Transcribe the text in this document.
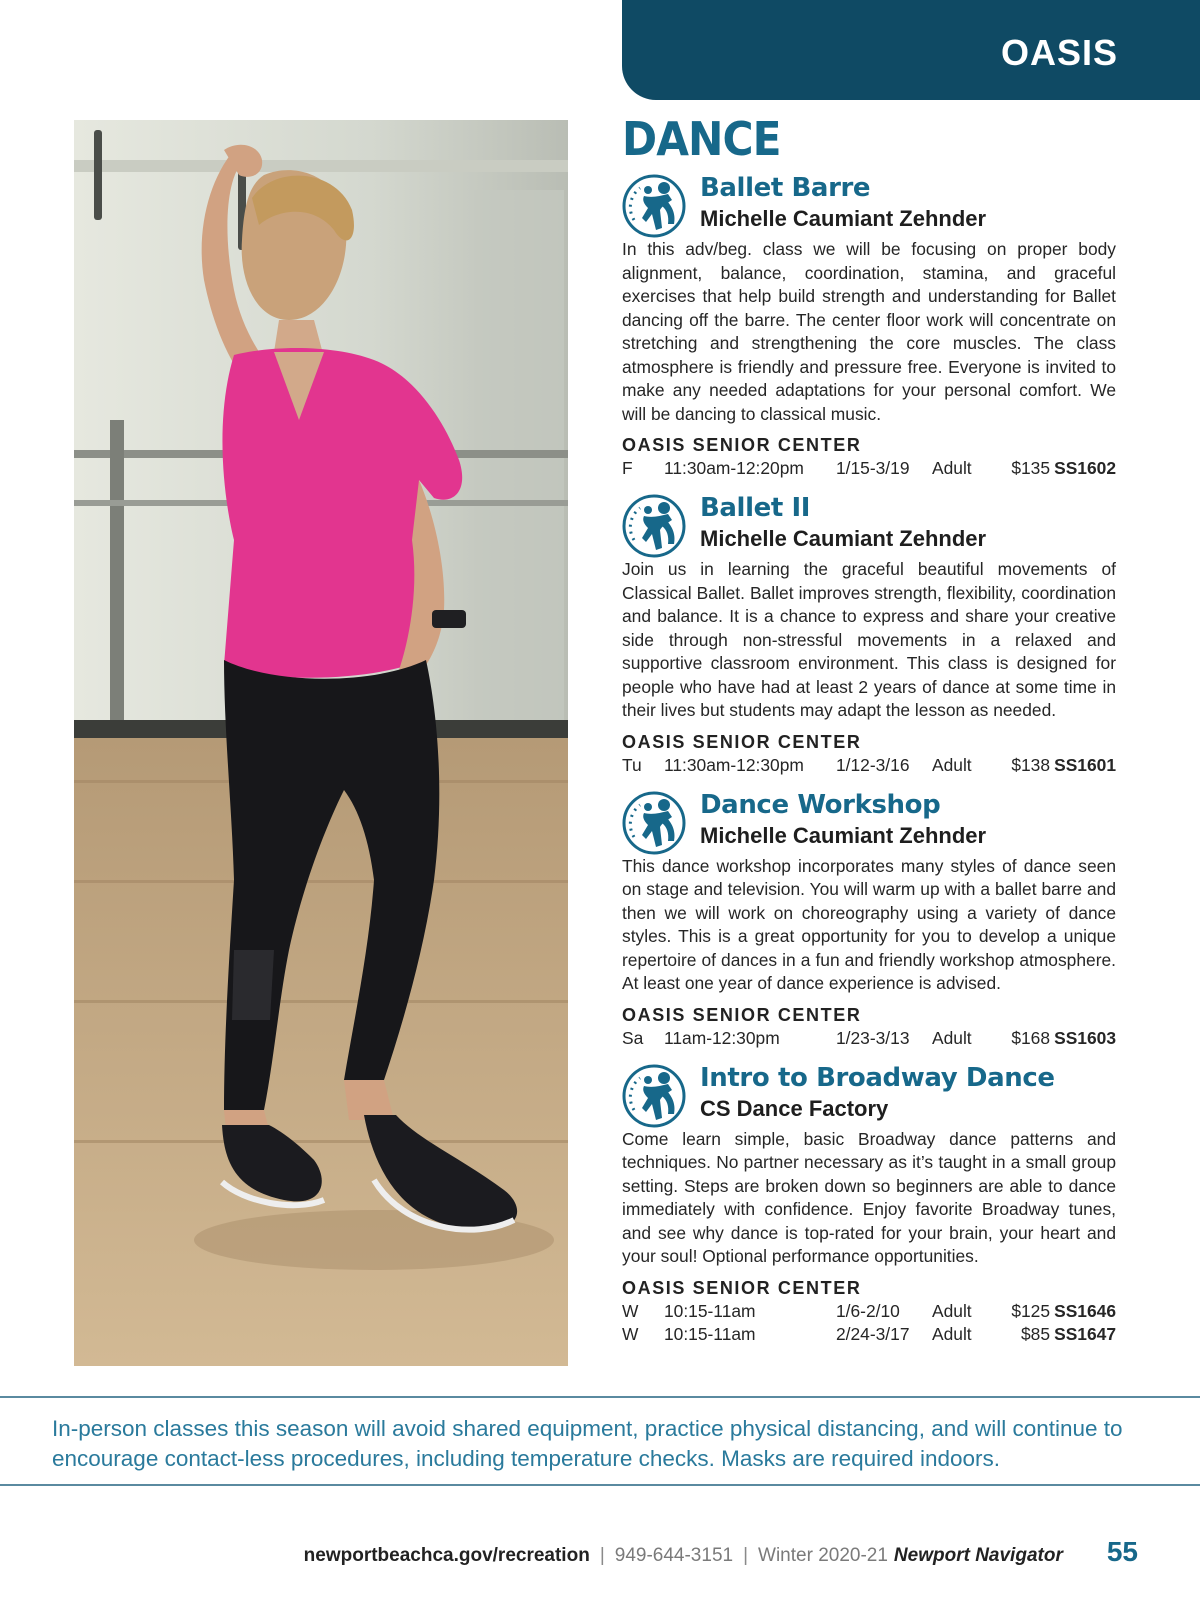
OASIS
DANCE
Ballet Barre
Michelle Caumiant Zehnder

In this adv/beg. class we will be focusing on proper body alignment, balance, coordination, stamina, and graceful exercises that help build strength and understanding for Ballet dancing off the barre. The center floor work will concentrate on stretching and strengthening the core muscles. The class atmosphere is friendly and pressure free. Everyone is invited to make any needed adaptations for your personal comfort. We will be dancing to classical music.

OASIS SENIOR CENTER
F	11:30am-12:20pm	1/15-3/19	Adult	$135 SS1602
Ballet II
Michelle Caumiant Zehnder

Join us in learning the graceful beautiful movements of Classical Ballet. Ballet improves strength, flexibility, coordination and balance. It is a chance to express and share your creative side through non-stressful movements in a relaxed and supportive classroom environment. This class is designed for people who have had at least 2 years of dance at some time in their lives but students may adapt the lesson as needed.

OASIS SENIOR CENTER
Tu	11:30am-12:30pm	1/12-3/16	Adult	$138 SS1601
Dance Workshop
Michelle Caumiant Zehnder

This dance workshop incorporates many styles of dance seen on stage and television. You will warm up with a ballet barre and then we will work on choreography using a variety of dance styles. This is a great opportunity for you to develop a unique repertoire of dances in a fun and friendly workshop atmosphere. At least one year of dance experience is advised.

OASIS SENIOR CENTER
Sa	11am-12:30pm	1/23-3/13	Adult	$168 SS1603
Intro to Broadway Dance
CS Dance Factory

Come learn simple, basic Broadway dance patterns and techniques. No partner necessary as it’s taught in a small group setting. Steps are broken down so beginners are able to dance immediately with confidence. Enjoy favorite Broadway tunes, and see why dance is top-rated for your brain, your heart and your soul! Optional performance opportunities.

OASIS SENIOR CENTER
W	10:15-11am	1/6-2/10	Adult	$125 SS1646
W	10:15-11am	2/24-3/17	Adult	$85 SS1647

In-person classes this season will avoid shared equipment, practice physical distancing, and will continue to encourage contact-less procedures, including temperature checks. Masks are required indoors.

newportbeachca.gov/recreation | 949-644-3151 | Winter 2020-21 Newport Navigator 55
